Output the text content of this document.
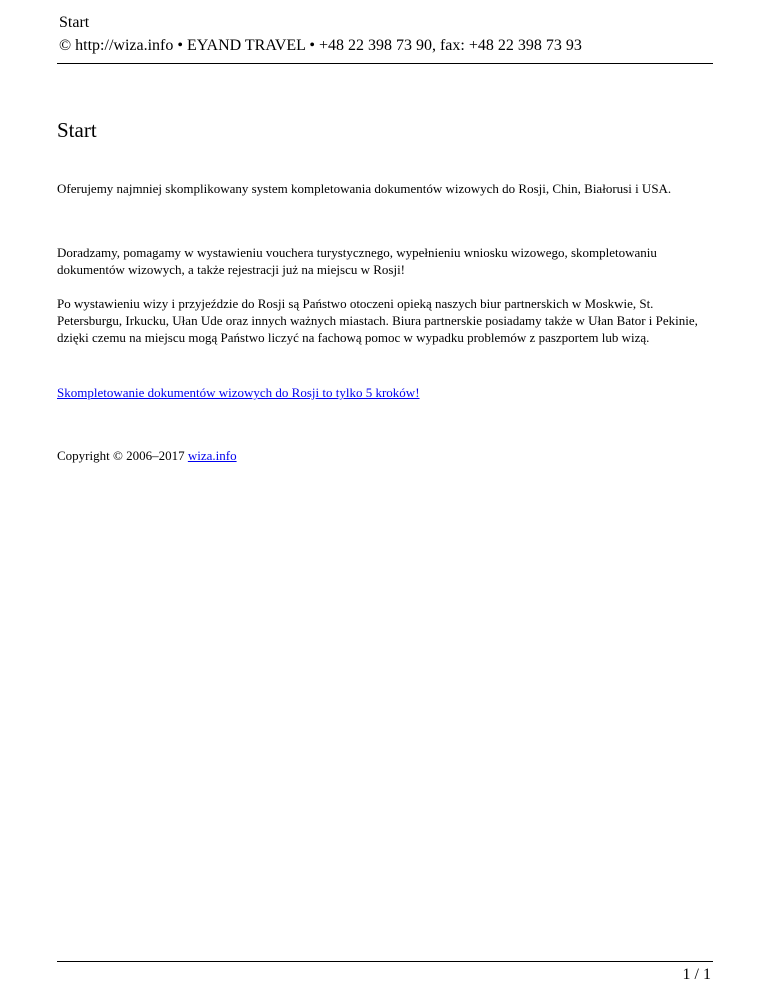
Start
© http://wiza.info • EYAND TRAVEL • +48 22 398 73 90, fax: +48 22 398 73 93
Start

Oferujemy najmniej skomplikowany system kompletowania dokumentów wizowych do Rosji, Chin, Białorusi i USA.

Doradzamy, pomagamy w wystawieniu vouchera turystycznego, wypełnieniu wniosku wizowego, skompletowaniu dokumentów wizowych, a także rejestracji już na miejscu w Rosji!

Po wystawieniu wizy i przyjeździe do Rosji są Państwo otoczeni opieką naszych biur partnerskich w Moskwie, St. Petersburgu, Irkucku, Ułan Ude oraz innych ważnych miastach. Biura partnerskie posiadamy także w Ułan Bator i Pekinie, dzięki czemu na miejscu mogą Państwo liczyć na fachową pomoc w wypadku problemów z paszportem lub wizą.

Skompletowanie dokumentów wizowych do Rosji to tylko 5 kroków!

Copyright © 2006–2017 wiza.info

1 / 1
